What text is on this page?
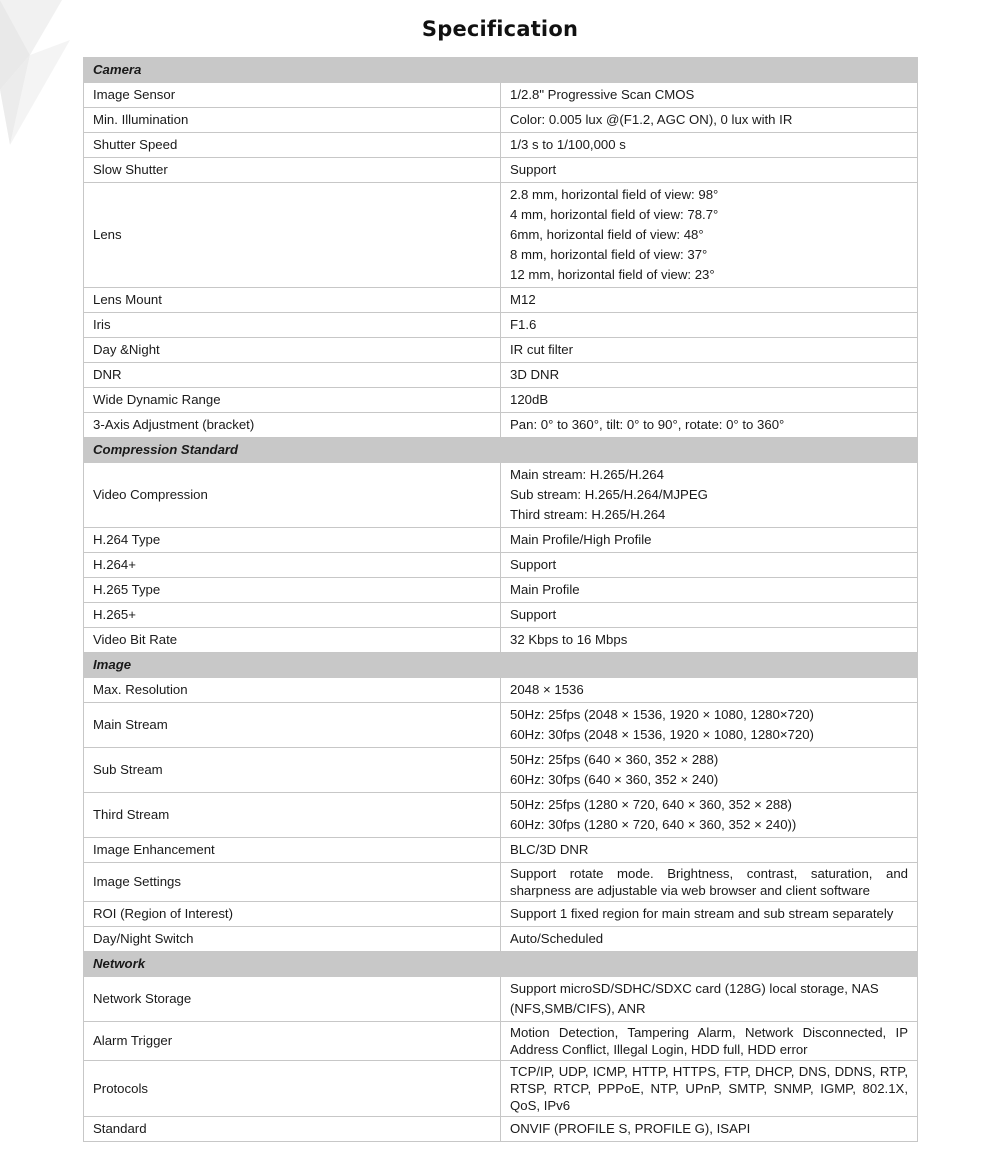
Specification
Camera	
Image Sensor	1/2.8" Progressive Scan CMOS

Min. Illumination	Color: 0.005 lux @(F1.2, AGC ON), 0 lux with IR

Shutter Speed	1/3 s to 1/100,000 s

Slow Shutter	Support

Lens	2.8 mm, horizontal field of view: 98°
4 mm, horizontal field of view: 78.7°
6mm, horizontal field of view: 48°
8 mm, horizontal field of view: 37°
12 mm, horizontal field of view: 23°

Lens Mount	M12

Iris	F1.6

Day &Night	IR cut filter

DNR	3D DNR

Wide Dynamic Range	120dB

3-Axis Adjustment (bracket)	Pan: 0° to 360°, tilt: 0° to 90°, rotate: 0° to 360°

Compression Standard	
Video Compression	Main stream: H.265/H.264
Sub stream: H.265/H.264/MJPEG
Third stream: H.265/H.264

H.264 Type	Main Profile/High Profile

H.264+	Support

H.265 Type	Main Profile

H.265+	Support

Video Bit Rate	32 Kbps to 16 Mbps

Image	
Max. Resolution	2048 × 1536

Main Stream	50Hz: 25fps (2048 × 1536, 1920 × 1080, 1280×720)
60Hz: 30fps (2048 × 1536, 1920 × 1080, 1280×720)

Sub Stream	50Hz: 25fps (640 × 360, 352 × 288)
60Hz: 30fps (640 × 360, 352 × 240)

Third Stream	50Hz: 25fps (1280 × 720, 640 × 360, 352 × 288)
60Hz: 30fps (1280 × 720, 640 × 360, 352 × 240))

Image Enhancement	BLC/3D DNR

Image Settings	Support rotate mode. Brightness, contrast, saturation, and sharpness are adjustable via web browser and client software

ROI (Region of Interest)	Support 1 fixed region for main stream and sub stream separately

Day/Night Switch	Auto/Scheduled

Network	
Network Storage	Support microSD/SDHC/SDXC card (128G) local storage, NAS (NFS,SMB/CIFS), ANR

Alarm Trigger	Motion Detection, Tampering Alarm, Network Disconnected, IP Address Conflict, Illegal Login, HDD full, HDD error

Protocols	TCP/IP, UDP, ICMP, HTTP, HTTPS, FTP, DHCP, DNS, DDNS, RTP, RTSP, RTCP, PPPoE, NTP, UPnP, SMTP, SNMP, IGMP, 802.1X, QoS, IPv6

Standard	ONVIF (PROFILE S, PROFILE G), ISAPI
